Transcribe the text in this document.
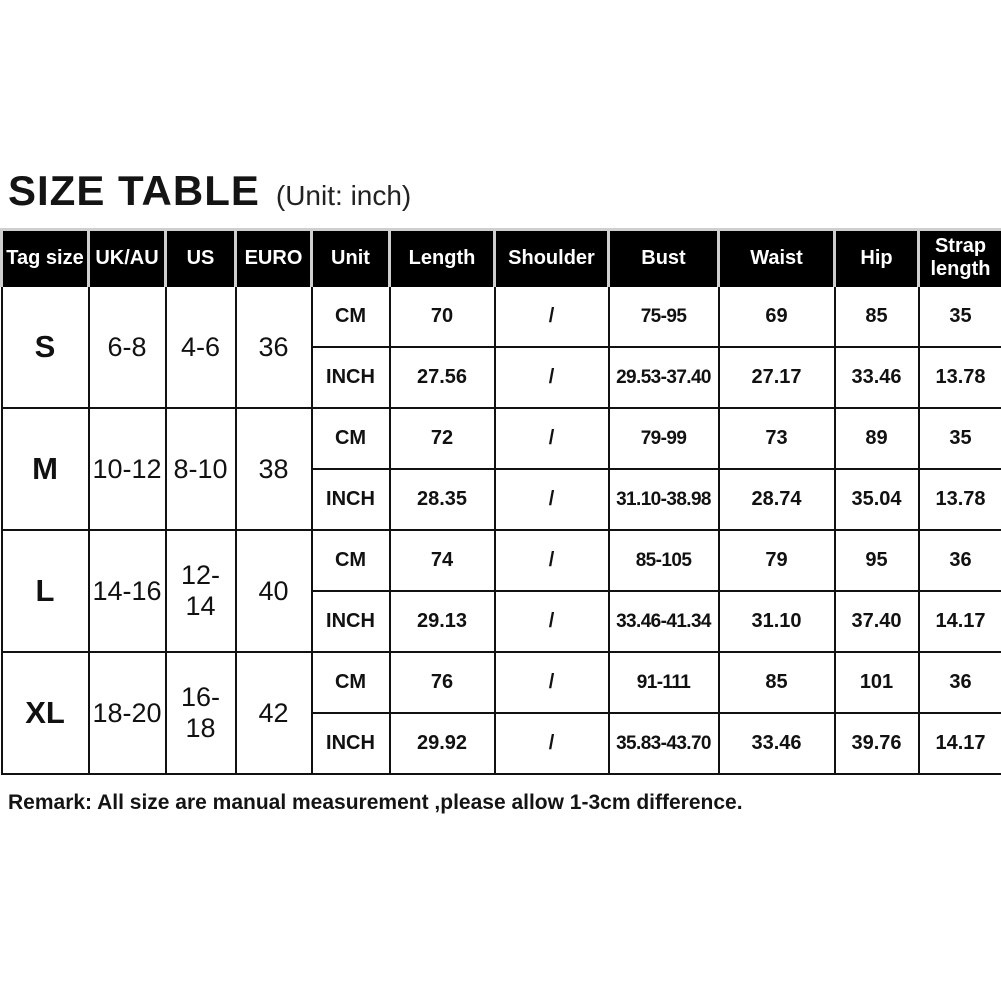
SIZE TABLE (Unit: inch)
Tag size	UK/AU	US	EURO	Unit	Length	Shoulder	Bust	Waist	Hip	Strap length
S	6-8	4-6	36	CM	70	/	75-95	69	85	35
				INCH	27.56	/	29.53-37.40	27.17	33.46	13.78
M	10-12	8-10	38	CM	72	/	79-99	73	89	35
				INCH	28.35	/	31.10-38.98	28.74	35.04	13.78
L	14-16	12-14	40	CM	74	/	85-105	79	95	36
				INCH	29.13	/	33.46-41.34	31.10	37.40	14.17
XL	18-20	16-18	42	CM	76	/	91-111	85	101	36
				INCH	29.92	/	35.83-43.70	33.46	39.76	14.17
Remark: All size are manual measurement ,please allow 1-3cm difference.
